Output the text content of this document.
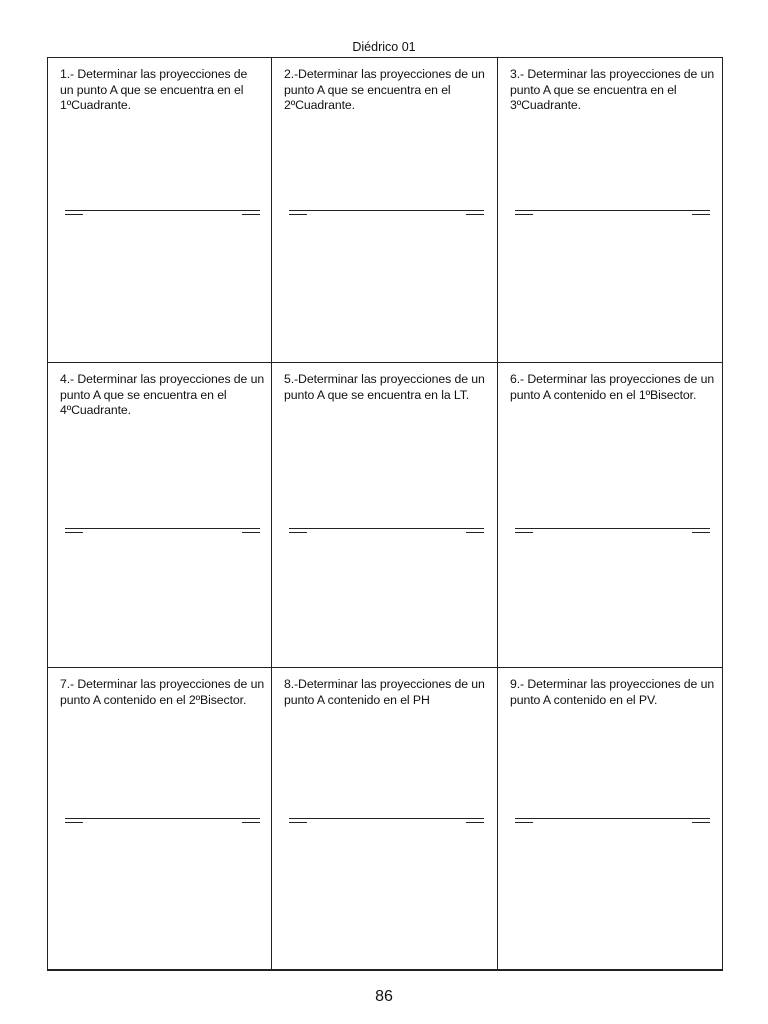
Diédrico 01
1.- Determinar las proyecciones de
un punto A que se encuentra en el
1ºCuadrante.
2.-Determinar las proyecciones de un
punto A que se encuentra en el
2ºCuadrante.
3.- Determinar las proyecciones de un
punto A que se encuentra en el
3ºCuadrante.
4.- Determinar las proyecciones de un
punto A que se encuentra en el
4ºCuadrante.
5.-Determinar las proyecciones de un
punto A que se encuentra en la LT.
6.- Determinar las proyecciones de un
punto A contenido en el 1ºBisector.
7.- Determinar las proyecciones de un
punto A contenido en el 2ºBisector.
8.-Determinar las proyecciones de un
punto A contenido en el PH
9.- Determinar las proyecciones de un
punto A contenido en el PV.
86
